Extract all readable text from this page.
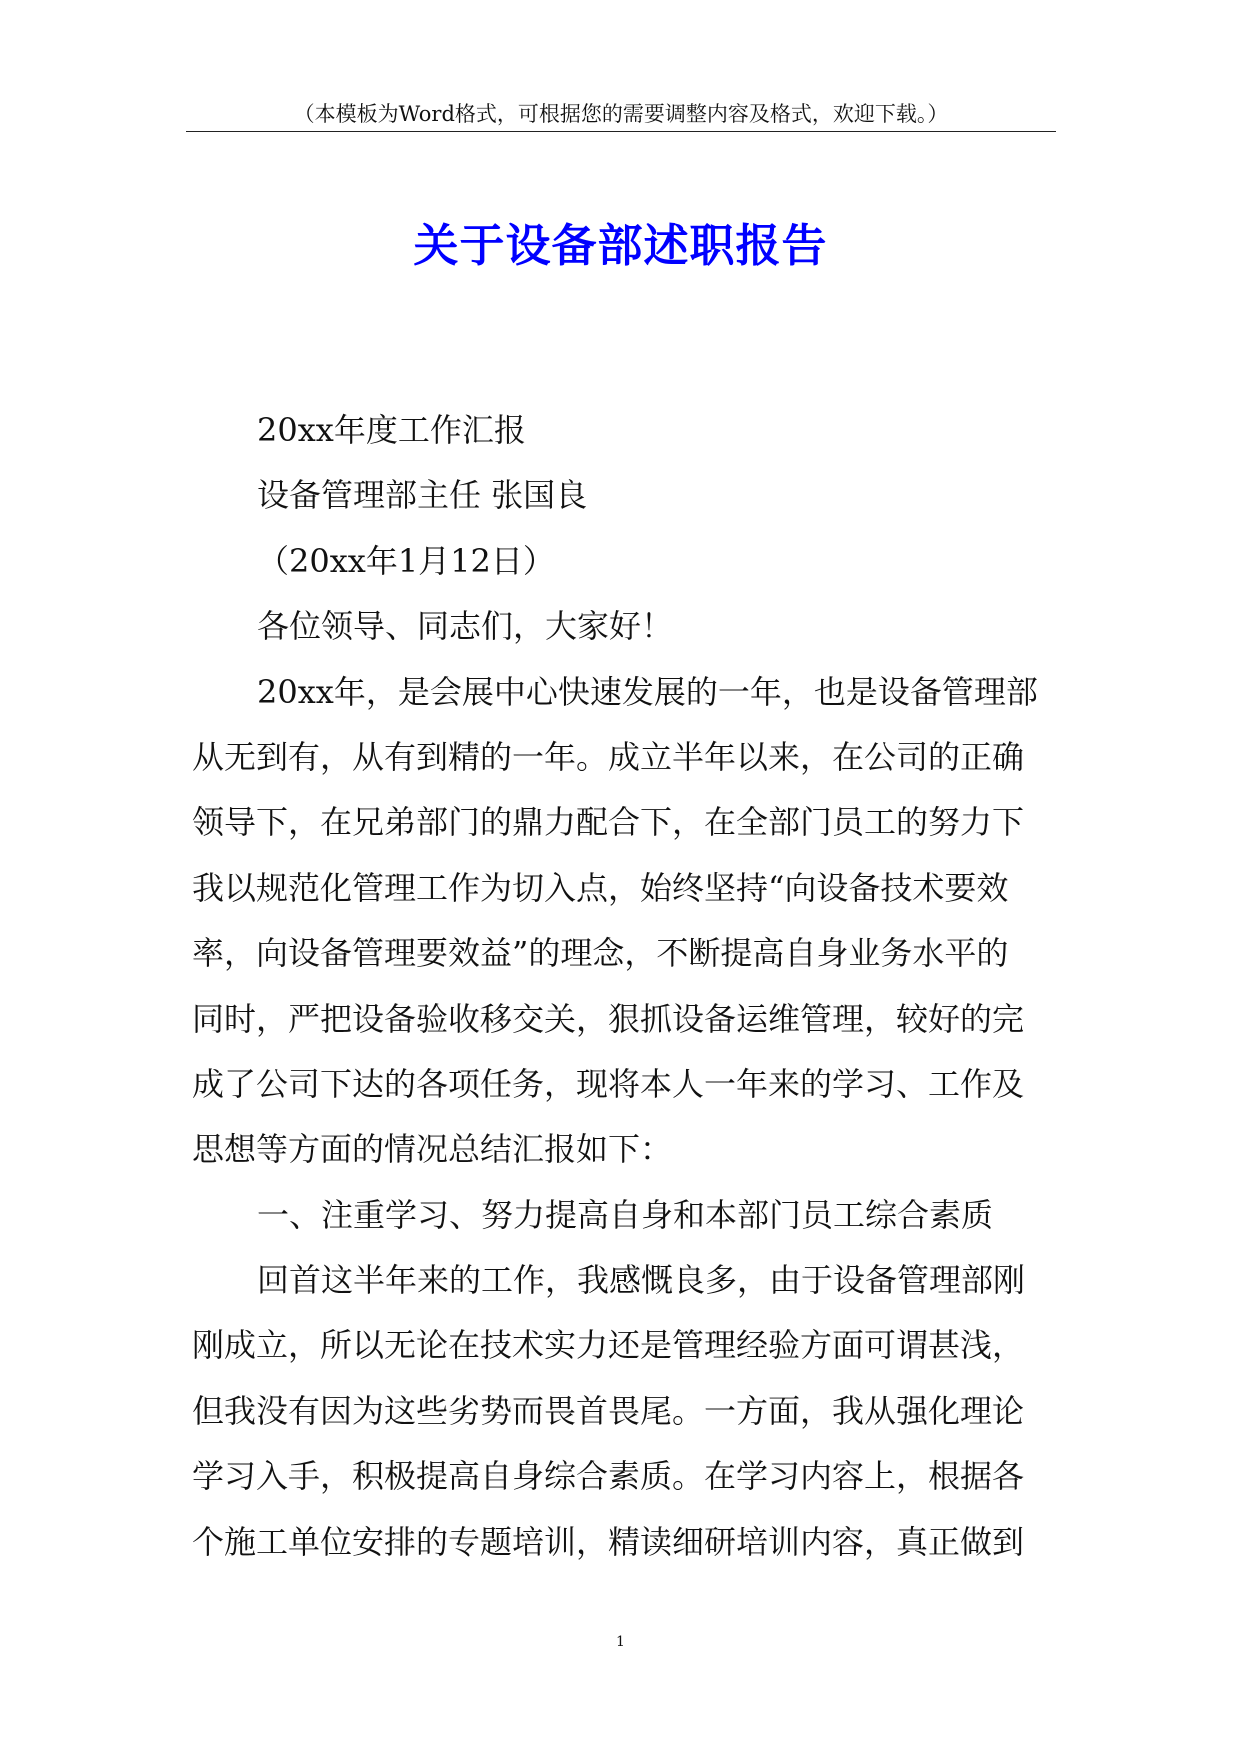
（本模板为Word格式，可根据您的需要调整内容及格式，欢迎下载。）
关于设备部述职报告
20xx年度工作汇报
设备管理部主任 张国良
（20xx年1月12日）
各位领导、同志们，大家好！
20xx年，是会展中心快速发展的一年，也是设备管理部
从无到有，从有到精的一年。成立半年以来，在公司的正确
领导下，在兄弟部门的鼎力配合下，在全部门员工的努力下
我以规范化管理工作为切入点，始终坚持“向设备技术要效
率，向设备管理要效益”的理念，不断提高自身业务水平的
同时，严把设备验收移交关，狠抓设备运维管理，较好的完
成了公司下达的各项任务，现将本人一年来的学习、工作及
思想等方面的情况总结汇报如下：
一、注重学习、努力提高自身和本部门员工综合素质
回首这半年来的工作，我感慨良多，由于设备管理部刚
刚成立，所以无论在技术实力还是管理经验方面可谓甚浅，
但我没有因为这些劣势而畏首畏尾。一方面，我从强化理论
学习入手，积极提高自身综合素质。在学习内容上，根据各
个施工单位安排的专题培训，精读细研培训内容，真正做到
1
